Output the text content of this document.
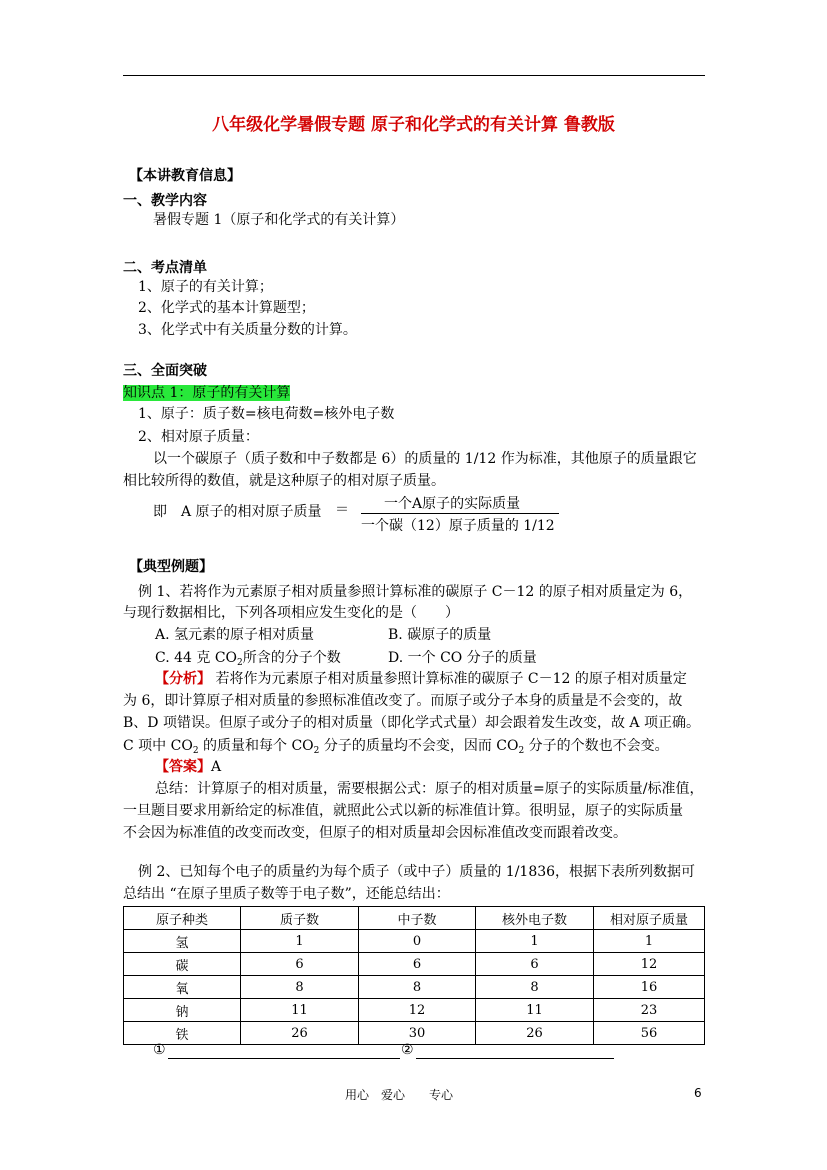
八年级化学暑假专题 原子和化学式的有关计算 鲁教版
【本讲教育信息】
一、教学内容
暑假专题 1（原子和化学式的有关计算）
二、考点清单
1、原子的有关计算；
2、化学式的基本计算题型；
3、化学式中有关质量分数的计算。
三、全面突破
知识点 1：原子的有关计算
1、原子：质子数=核电荷数=核外电子数
2、相对原子质量：
以一个碳原子（质子数和中子数都是 6）的质量的 1/12 作为标准，其他原子的质量跟它
相比较所得的数值，就是这种原子的相对原子质量。
即　A 原子的相对原子质量 ＝	一个A原子的实际质量
一个碳（12）原子质量的 1/12
【典型例题】
例 1、若将作为元素原子相对质量参照计算标准的碳原子 C－12 的原子相对质量定为 6，
与现行数据相比，下列各项相应发生变化的是（　　）
A. 氢元素的原子相对质量	B. 碳原子的质量
C. 44 克 $CO_2$所含的分子个数	D. 一个 CO 分子的质量
【分析】 若将作为元素原子相对质量参照计算标准的碳原子 C－12 的原子相对质量定
为 6，即计算原子相对质量的参照标准值改变了。而原子或分子本身的质量是不会变的，故
B、D 项错误。但原子或分子的相对质量（即化学式式量）却会跟着发生改变，故 A 项正确。
C 项中 $CO_2$ 的质量和每个 $CO_2$ 分子的质量均不会变，因而 $CO_2$ 分子的个数也不会变。
【答案】A
总结：计算原子的相对质量，需要根据公式：原子的相对质量=原子的实际质量/标准值，
一旦题目要求用新给定的标准值，就照此公式以新的标准值计算。很明显，原子的实际质量
不会因为标准值的改变而改变，但原子的相对质量却会因标准值改变而跟着改变。
例 2、已知每个电子的质量约为每个质子（或中子）质量的 1/1836，根据下表所列数据可
总结出 “在原子里质子数等于电子数”，还能总结出：
原子种类	质子数	中子数	核外电子数	相对原子质量
氢	1	0	1	1
碳	6	6	6	12
氧	8	8	8	16
钠	11	12	11	23
铁	26	30	26	56
①	②
用心　爱心　　专心	6
